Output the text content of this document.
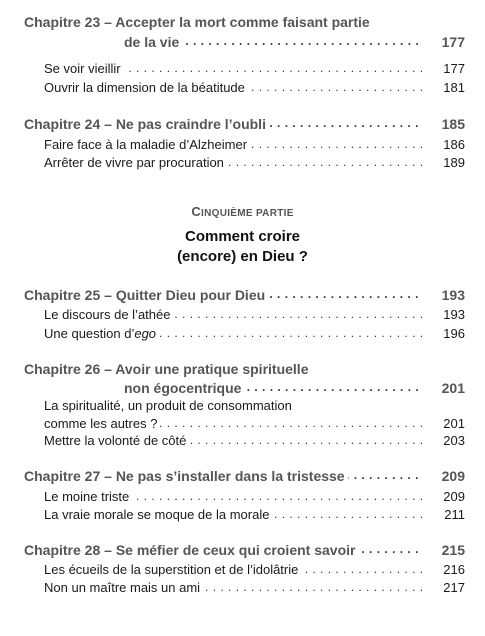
Chapitre 23 – Accepter la mort comme faisant partie
de la vie . . .	177
Se voir vieillir . . .	177
Ouvrir la dimension de la béatitude . . .	181
Chapitre 24 – Ne pas craindre l’oubli . . .	185
Faire face à la maladie d’Alzheimer . . .	186
Arrêter de vivre par procuration . . .	189
CINQUIÈME PARTIE
Comment croire
(encore) en Dieu ?
Chapitre 25 – Quitter Dieu pour Dieu . . .	193
Le discours de l’athée . . .	193
Une question d’ego . . .	196
Chapitre 26 – Avoir une pratique spirituelle
non égocentrique . . .	201
La spiritualité, un produit de consommation
comme les autres ? . . .	201
Mettre la volonté de côté . . .	203
Chapitre 27 – Ne pas s’installer dans la tristesse . . .	209
Le moine triste . . .	209
La vraie morale se moque de la morale . . .	211
Chapitre 28 – Se méfier de ceux qui croient savoir . . .	215
Les écueils de la superstition et de l’idolâtrie . . .	216
Non un maître mais un ami . . .	217
